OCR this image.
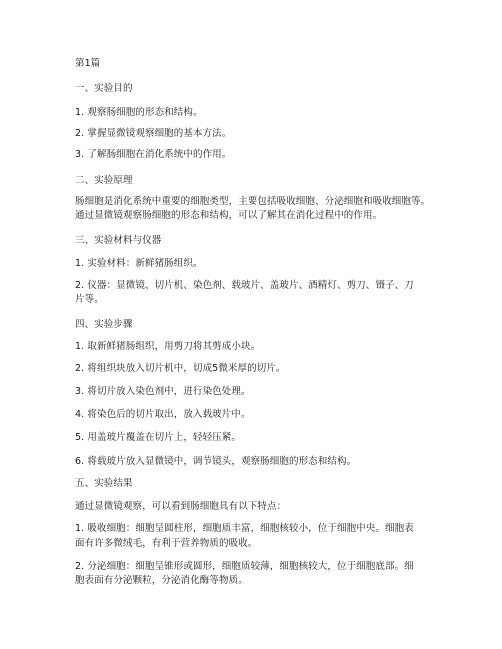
第1篇
一、实验目的
1. 观察肠细胞的形态和结构。
2. 掌握显微镜观察细胞的基本方法。
3. 了解肠细胞在消化系统中的作用。
二、实验原理
肠细胞是消化系统中重要的细胞类型，主要包括吸收细胞、分泌细胞和吸收细胞等。
通过显微镜观察肠细胞的形态和结构，可以了解其在消化过程中的作用。
三、实验材料与仪器
1. 实验材料：新鲜猪肠组织。
2. 仪器：显微镜、切片机、染色剂、载玻片、盖玻片、酒精灯、剪刀、镊子、刀
片等。
四、实验步骤
1. 取新鲜猪肠组织，用剪刀将其剪成小块。
2. 将组织块放入切片机中，切成5微米厚的切片。
3. 将切片放入染色剂中，进行染色处理。
4. 将染色后的切片取出，放入载玻片中。
5. 用盖玻片覆盖在切片上，轻轻压紧。
6. 将载玻片放入显微镜中，调节镜头，观察肠细胞的形态和结构。
五、实验结果
通过显微镜观察，可以看到肠细胞具有以下特点：
1. 吸收细胞：细胞呈圆柱形，细胞质丰富，细胞核较小，位于细胞中央。细胞表
面有许多微绒毛，有利于营养物质的吸收。
2. 分泌细胞：细胞呈锥形或圆形，细胞质较薄，细胞核较大，位于细胞底部。细
胞表面有分泌颗粒，分泌消化酶等物质。
